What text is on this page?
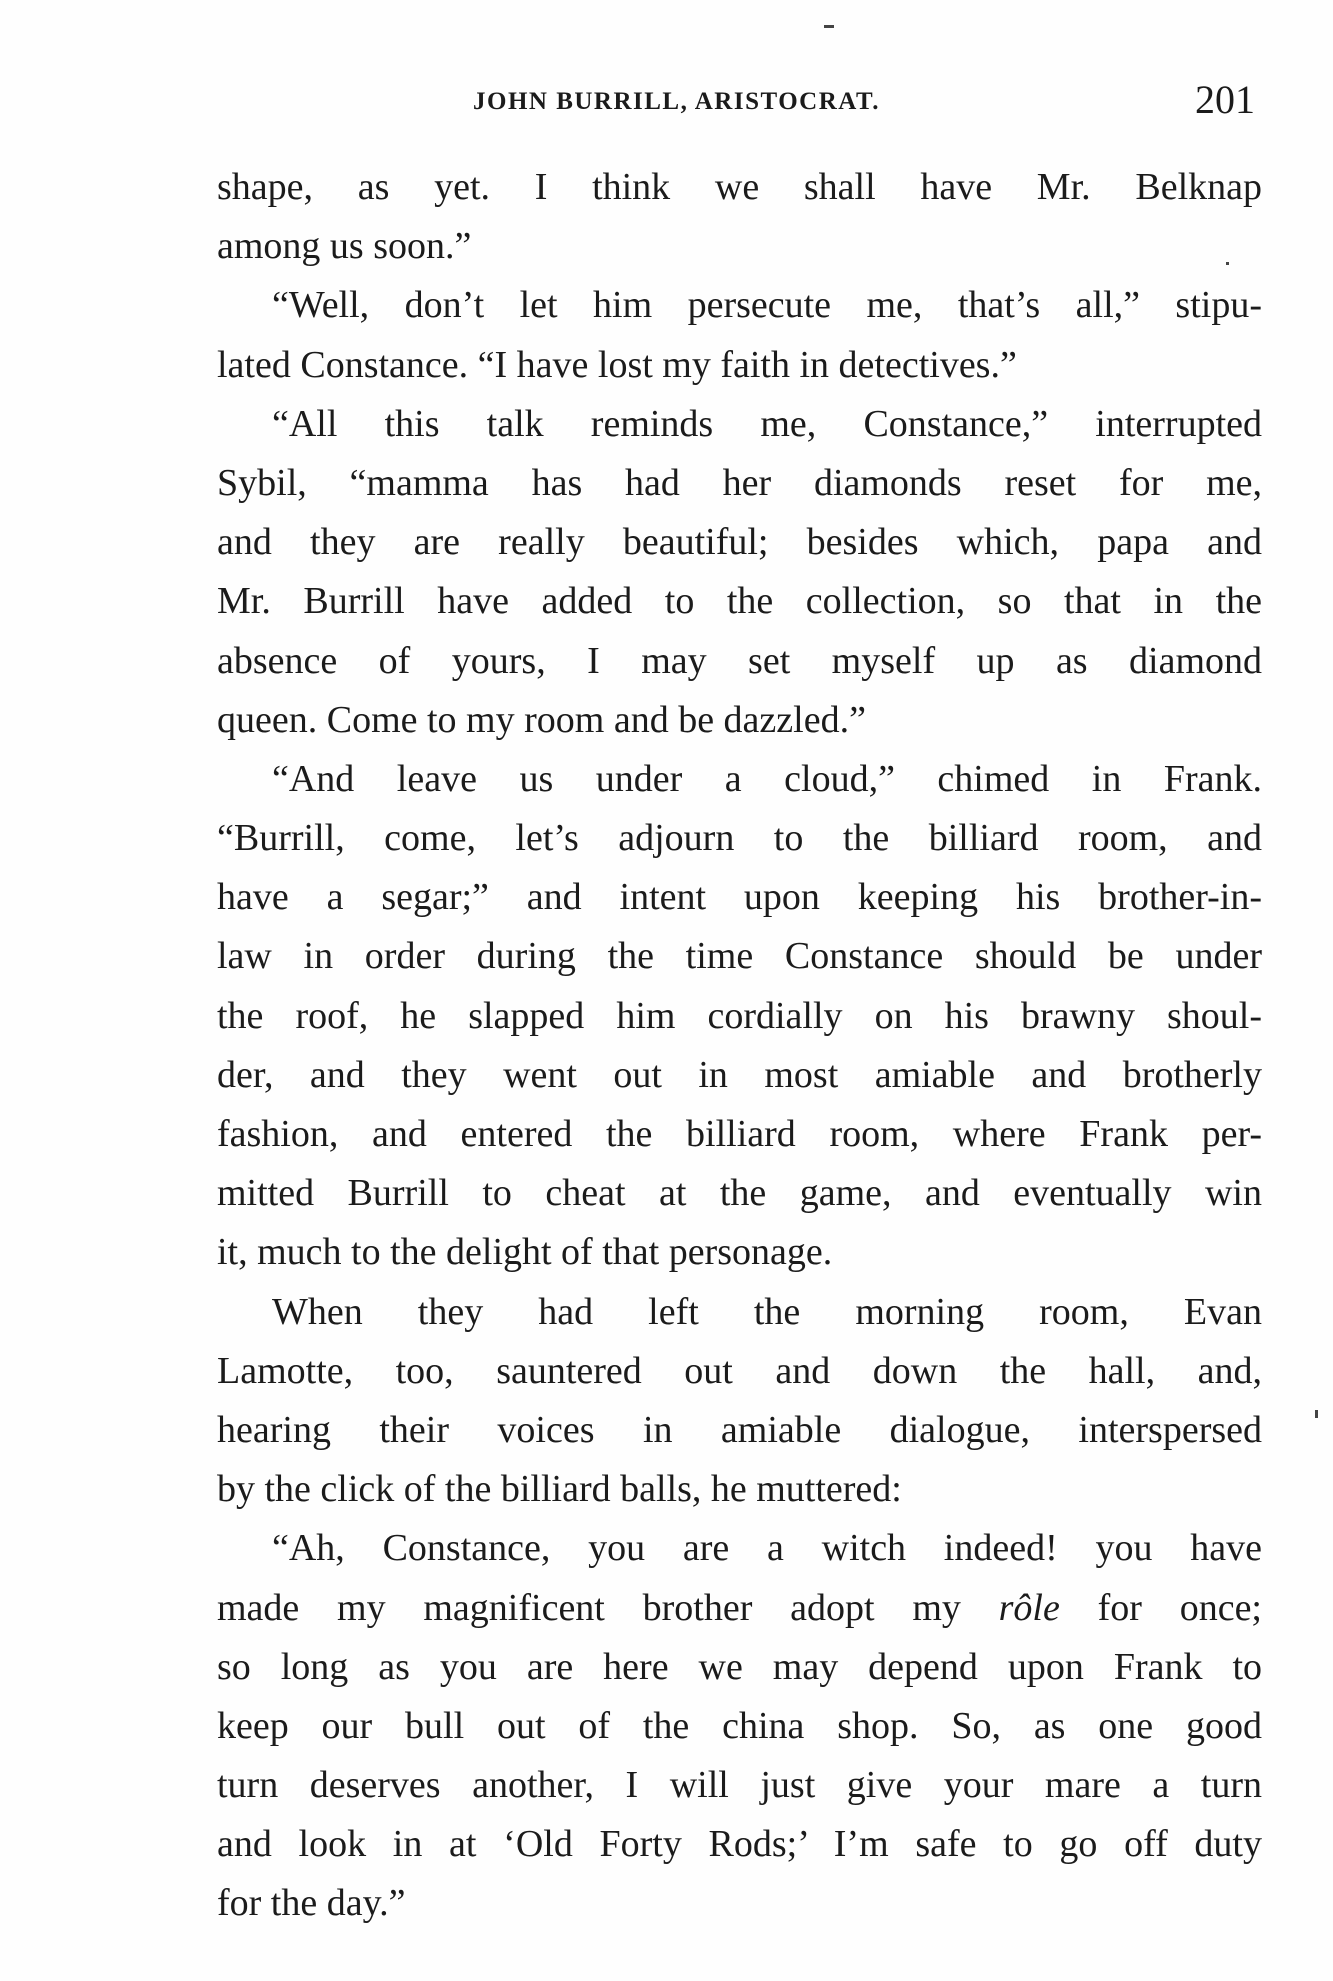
JOHN BURRILL, ARISTOCRAT.	201
shape, as yet. I think we shall have Mr. Belknap
among us soon.”
“Well, don’t let him persecute me, that’s all,” stipu-
lated Constance. “I have lost my faith in detectives.”
“All this talk reminds me, Constance,” interrupted
Sybil, “mamma has had her diamonds reset for me,
and they are really beautiful; besides which, papa and
Mr. Burrill have added to the collection, so that in the
absence of yours, I may set myself up as diamond
queen. Come to my room and be dazzled.”
“And leave us under a cloud,” chimed in Frank.
“Burrill, come, let’s adjourn to the billiard room, and
have a segar;” and intent upon keeping his brother-in-
law in order during the time Constance should be under
the roof, he slapped him cordially on his brawny shoul-
der, and they went out in most amiable and brotherly
fashion, and entered the billiard room, where Frank per-
mitted Burrill to cheat at the game, and eventually win
it, much to the delight of that personage.
When they had left the morning room, Evan
Lamotte, too, sauntered out and down the hall, and,
hearing their voices in amiable dialogue, interspersed
by the click of the billiard balls, he muttered:
“Ah, Constance, you are a witch indeed! you have
made my magnificent brother adopt my rôle for once;
so long as you are here we may depend upon Frank to
keep our bull out of the china shop. So, as one good
turn deserves another, I will just give your mare a turn
and look in at ‘Old Forty Rods;’ I’m safe to go off duty
for the day.”
